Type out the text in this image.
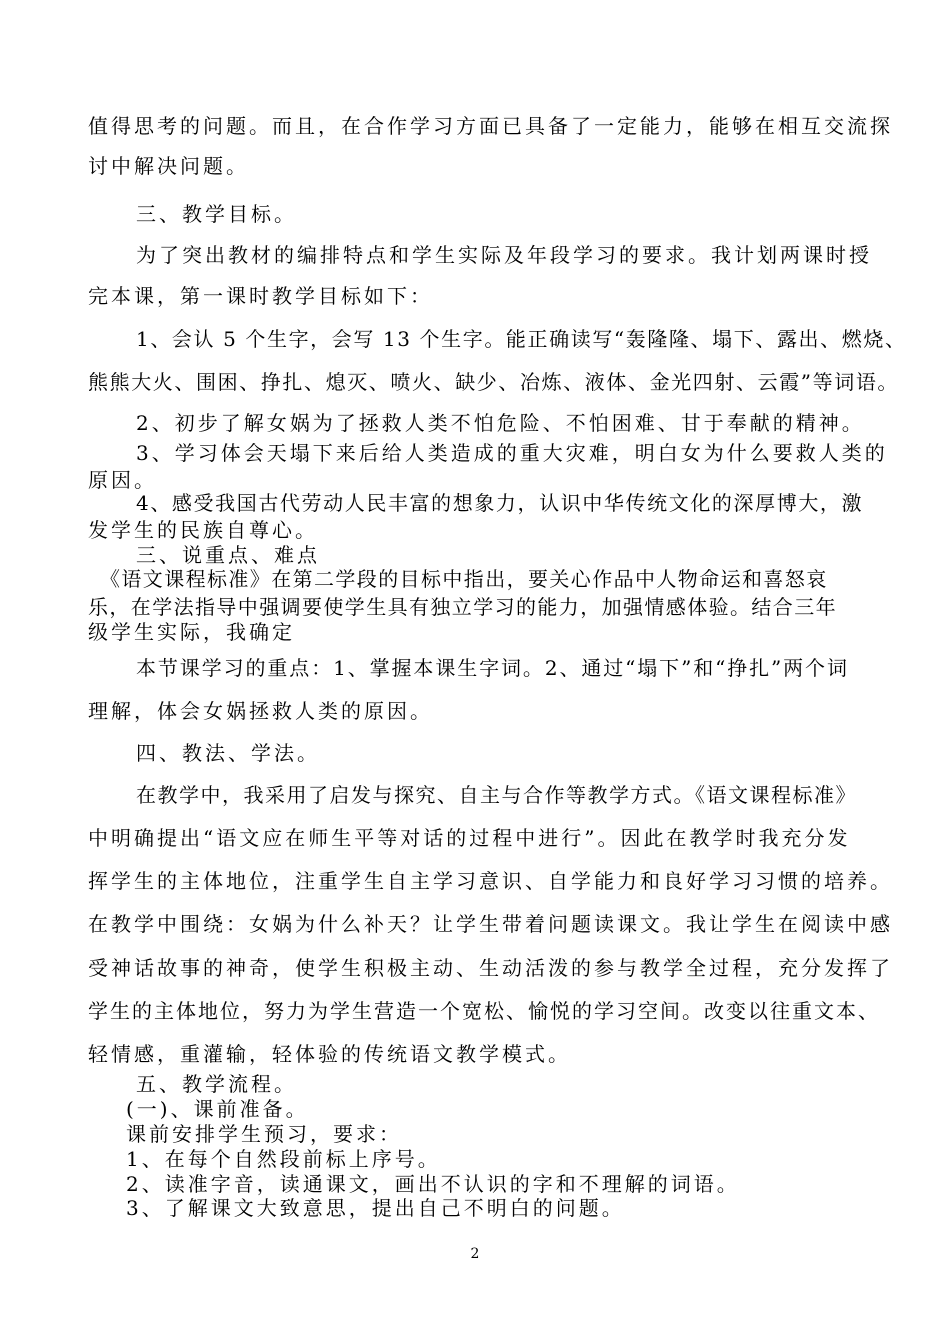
值得思考的问题。而且，在合作学习方面已具备了一定能力，能够在相互交流探
讨中解决问题。
三、教学目标。
为了突出教材的编排特点和学生实际及年段学习的要求。我计划两课时授
完本课，第一课时教学目标如下：
1、会认 5 个生字，会写 13 个生字。能正确读写“轰隆隆、塌下、露出、燃烧、
熊熊大火、围困、挣扎、熄灭、喷火、缺少、冶炼、液体、金光四射、云霞”等词语。
2、初步了解女娲为了拯救人类不怕危险、不怕困难、甘于奉献的精神。
3、学习体会天塌下来后给人类造成的重大灾难，明白女为什么要救人类的
原因。
4、感受我国古代劳动人民丰富的想象力，认识中华传统文化的深厚博大，激
发学生的民族自尊心。
三、说重点、难点
《语文课程标准》在第二学段的目标中指出，要关心作品中人物命运和喜怒哀
乐，在学法指导中强调要使学生具有独立学习的能力，加强情感体验。结合三年
级学生实际，我确定
本节课学习的重点：1、掌握本课生字词。2、通过“塌下”和“挣扎”两个词
理解，体会女娲拯救人类的原因。
四、教法、学法。
在教学中，我采用了启发与探究、自主与合作等教学方式。《语文课程标准》
中明确提出“语文应在师生平等对话的过程中进行”。因此在教学时我充分发
挥学生的主体地位，注重学生自主学习意识、自学能力和良好学习习惯的培养。
在教学中围绕：女娲为什么补天？让学生带着问题读课文。我让学生在阅读中感
受神话故事的神奇，使学生积极主动、生动活泼的参与教学全过程，充分发挥了
学生的主体地位，努力为学生营造一个宽松、愉悦的学习空间。改变以往重文本、
轻情感，重灌输，轻体验的传统语文教学模式。
五、教学流程。
(一)、课前准备。
课前安排学生预习，要求：
1、在每个自然段前标上序号。
2、读准字音，读通课文，画出不认识的字和不理解的词语。
3、了解课文大致意思，提出自己不明白的问题。
2
